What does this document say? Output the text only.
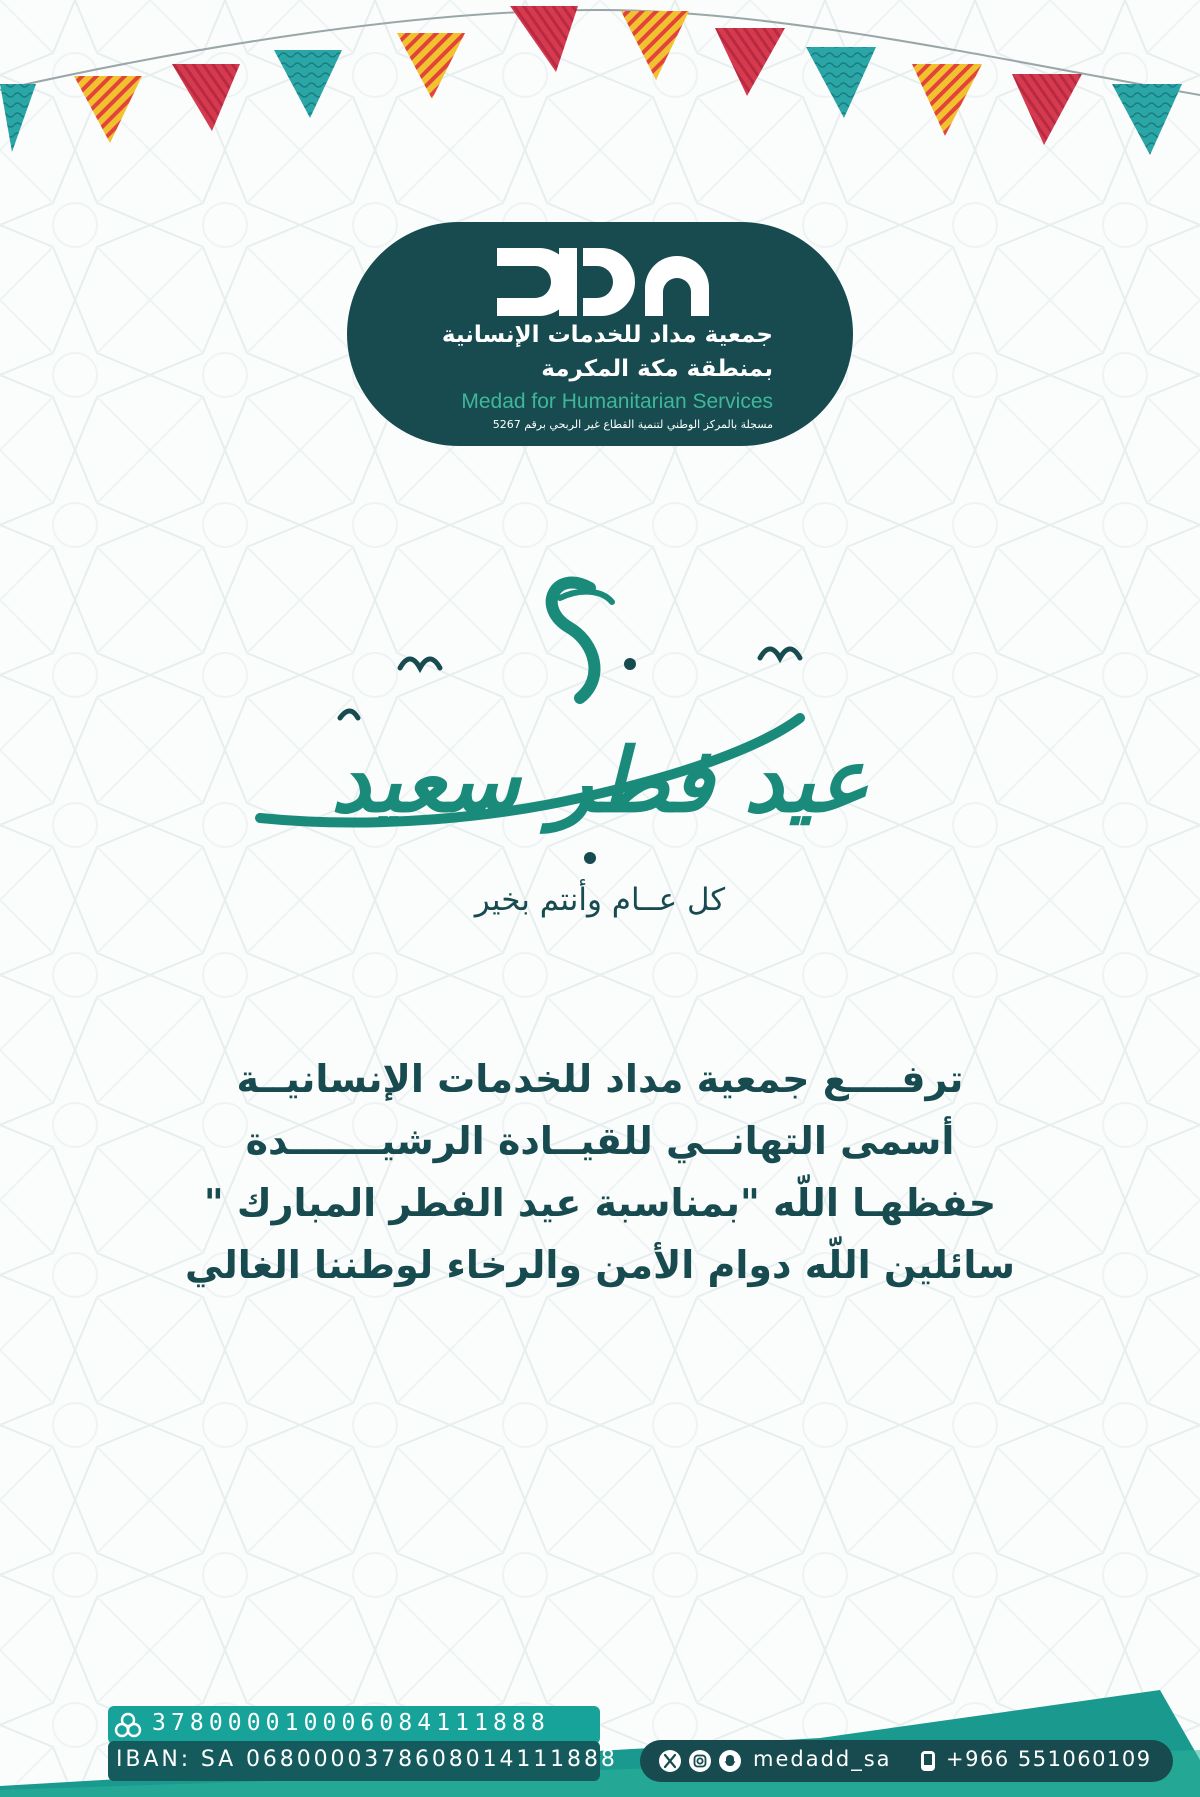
جمعية مداد للخدمات الإنسانية

بمنطقة مكة المكرمة

Medad for Humanitarian Services

مسجلة بالمركز الوطني لتنمية القطاع غير الربحي برقم 5267

عيد فطر سعيد

كل عــام وأنتم بخير

ترفــــع جمعية مداد للخدمات الإنسانيــة
أسمى التهانــي للقيــادة الرشيـــــــدة
حفظهـا اللّه "بمناسبة عيد الفطر المبارك "
سائلين اللّه دوام الأمن والرخاء لوطننا الغالي

378000010006084111888

IBAN: SA 0680000378608014111888	medadd_sa	+966 551060109
